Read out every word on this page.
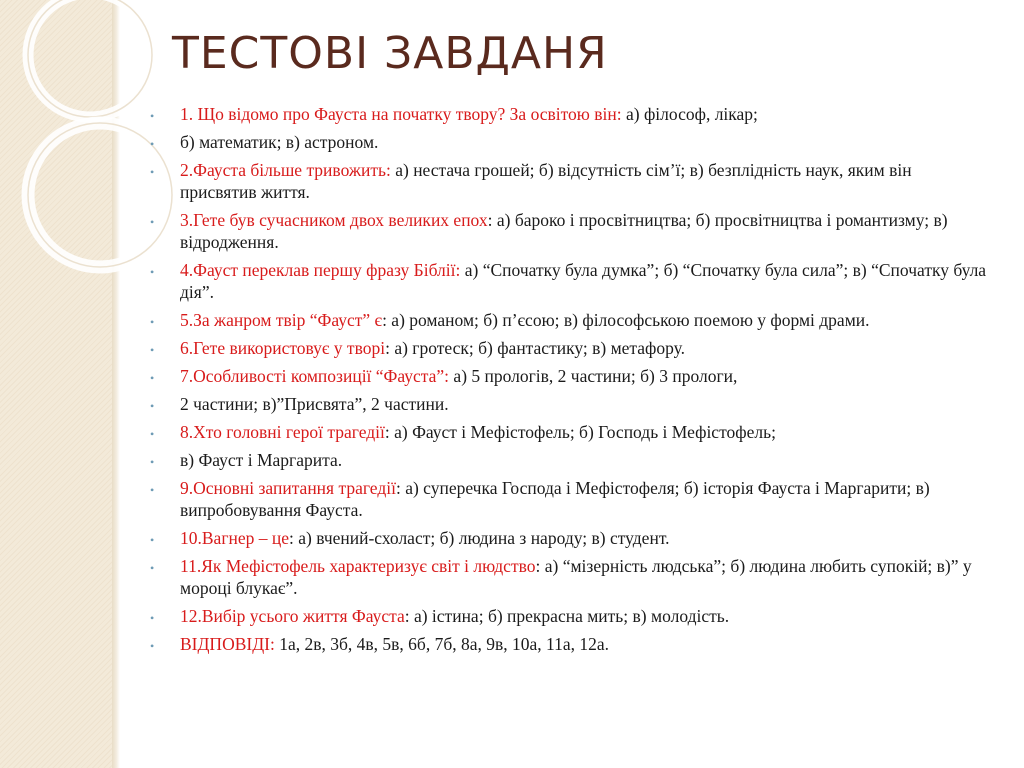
ТЕСТОВІ ЗАВДАНЯ
• 1. Що відомо про Фауста на початку твору? За освітою він: а) філософ, лікар;
• б) математик; в) астроном.
• 2.Фауста більше тривожить: а) нестача грошей; б) відсутність сім’ї; в) безплідність наук, яким він присвятив життя.
• 3.Гете був сучасником двох великих епох: а) бароко і просвітництва; б) просвітництва і романтизму; в) відродження.
• 4.Фауст переклав першу фразу Біблії: а) “Спочатку була думка”; б) “Спочатку була сила”; в) “Спочатку була дія”.
• 5.За жанром твір “Фауст” є: а) романом; б) п’єсою; в) філософською поемою у формі драми.
• 6.Гете використовує у творі: а) гротеск; б) фантастику; в) метафору.
• 7.Особливості композиції “Фауста”: а) 5 прологів, 2 частини; б) 3 прологи,
• 2 частини; в)”Присвята”, 2 частини.
• 8.Хто головні герої трагедії: а) Фауст і Мефістофель; б) Господь і Мефістофель;
• в) Фауст і Маргарита.
• 9.Основні запитання трагедії: а) суперечка Господа і Мефістофеля; б) історія Фауста і Маргарити; в) випробовування Фауста.
• 10.Вагнер – це: а) вчений-схоласт; б) людина з народу; в) студент.
• 11.Як Мефістофель характеризує світ і людство: а) “мізерність людська”; б) людина любить супокій; в)” у мороці блукає”.
• 12.Вибір усього життя Фауста: а) істина; б) прекрасна мить; в) молодість.
• ВІДПОВІДІ: 1а, 2в, 3б, 4в, 5в, 6б, 7б, 8а, 9в, 10а, 11а, 12а.
